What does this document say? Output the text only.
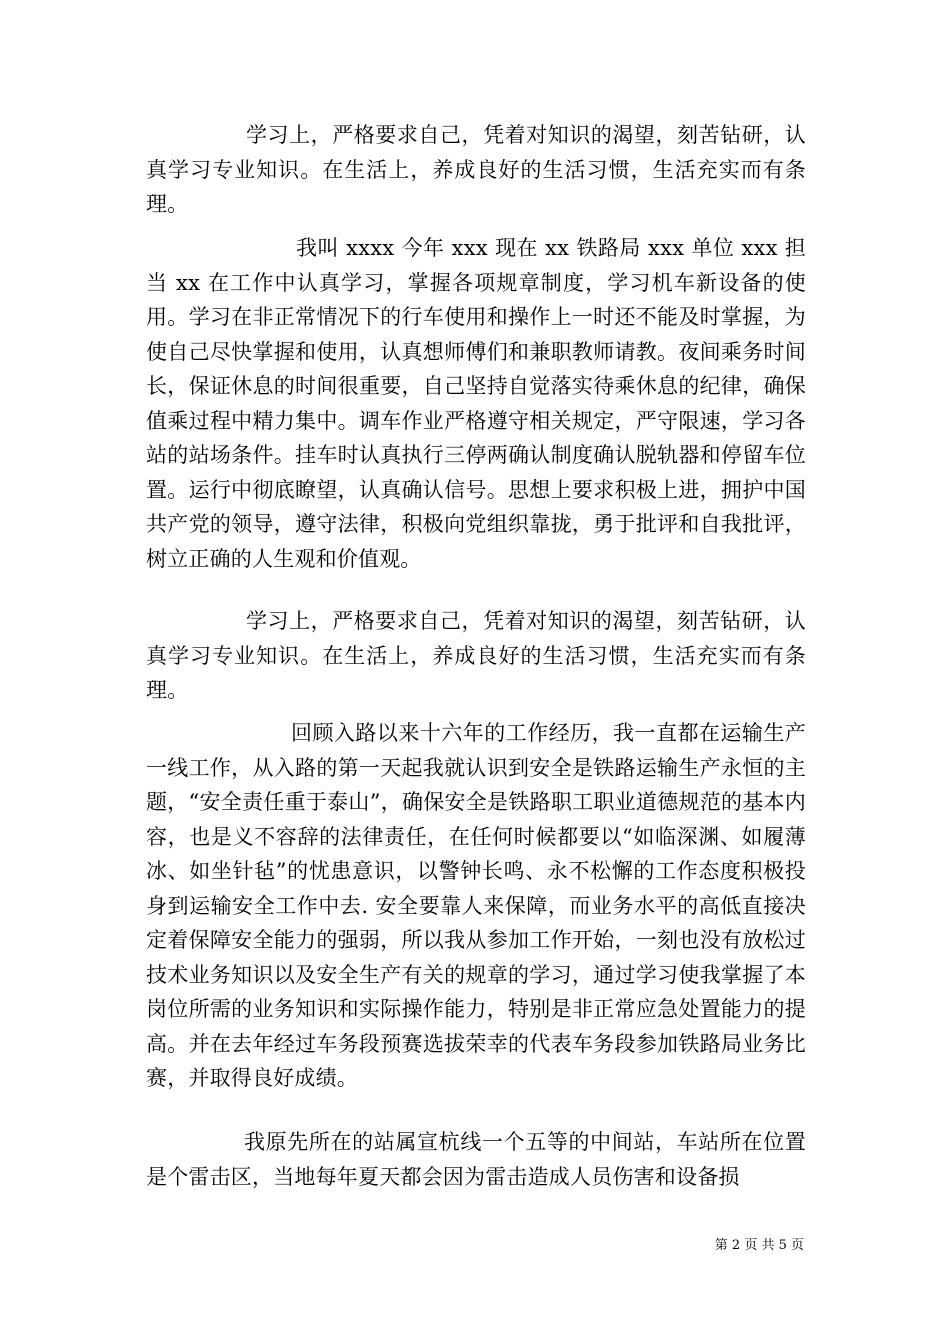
学习上，严格要求自己，凭着对知识的渴望，刻苦钻研，认真学习专业知识。在生活上，养成良好的生活习惯，生活充实而有条理。

我叫 xxxx 今年 xxx 现在 xx 铁路局 xxx 单位 xxx 担当 xx 在工作中认真学习，掌握各项规章制度，学习机车新设备的使用。学习在非正常情况下的行车使用和操作上一时还不能及时掌握，为使自己尽快掌握和使用，认真想师傅们和兼职教师请教。夜间乘务时间长，保证休息的时间很重要，自己坚持自觉落实待乘休息的纪律，确保值乘过程中精力集中。调车作业严格遵守相关规定，严守限速，学习各站的站场条件。挂车时认真执行三停两确认制度确认脱轨器和停留车位置。运行中彻底瞭望，认真确认信号。思想上要求积极上进，拥护中国共产党的领导，遵守法律，积极向党组织靠拢，勇于批评和自我批评，树立正确的人生观和价值观。

学习上，严格要求自己，凭着对知识的渴望，刻苦钻研，认真学习专业知识。在生活上，养成良好的生活习惯，生活充实而有条理。

回顾入路以来十六年的工作经历，我一直都在运输生产一线工作，从入路的第一天起我就认识到安全是铁路运输生产永恒的主题，“安全责任重于泰山”，确保安全是铁路职工职业道德规范的基本内容，也是义不容辞的法律责任，在任何时候都要以“如临深渊、如履薄冰、如坐针毡”的忧患意识，以警钟长鸣、永不松懈的工作态度积极投身到运输安全工作中去. 安全要靠人来保障，而业务水平的高低直接决定着保障安全能力的强弱，所以我从参加工作开始，一刻也没有放松过技术业务知识以及安全生产有关的规章的学习，通过学习使我掌握了本岗位所需的业务知识和实际操作能力，特别是非正常应急处置能力的提高。并在去年经过车务段预赛选拔荣幸的代表车务段参加铁路局业务比赛，并取得良好成绩。

我原先所在的站属宣杭线一个五等的中间站，车站所在位置是个雷击区，当地每年夏天都会因为雷击造成人员伤害和设备损

第 2 页 共 5 页
